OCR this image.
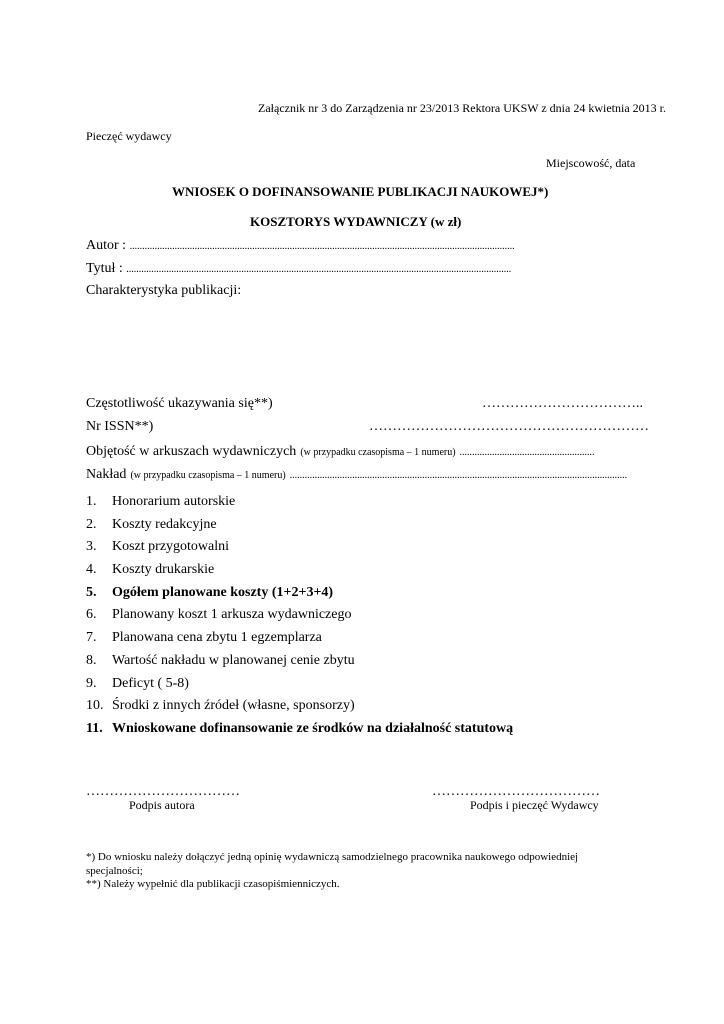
Załącznik nr 3 do Zarządzenia nr 23/2013 Rektora UKSW z dnia 24 kwietnia 2013 r.
Pieczęć wydawcy
Miejscowość, data
WNIOSEK O DOFINANSOWANIE PUBLIKACJI NAUKOWEJ*)
KOSZTORYS WYDAWNICZY (w zł)
Autor : ..........................................................................................................................................................
Tytuł : ..........................................................................................................................................................
Charakterystyka publikacji:
Częstotliwość ukazywania się**)	……………………………..
Nr ISSN**)	……………………………………………………
Objętość w arkuszach wydawniczych (w przypadku czasopisma – 1 numeru) ......................................................
Nakład (w przypadku czasopisma – 1 numeru) .......................................................................................................................................
1.	Honorarium autorskie
2.	Koszty redakcyjne
3.	Koszt przygotowalni
4.	Koszty drukarskie
5.	Ogółem planowane koszty (1+2+3+4)
6.	Planowany koszt 1 arkusza wydawniczego
7.	Planowana cena zbytu 1 egzemplarza
8.	Wartość nakładu w planowanej cenie zbytu
9.	Deficyt ( 5-8)
10. Środki z innych źródeł (własne, sponsorzy)
11. Wnioskowane dofinansowanie ze środków na działalność statutową
……………………………
Podpis autora
………………………………
Podpis i pieczęć Wydawcy
*) Do wniosku należy dołączyć jedną opinię wydawniczą samodzielnego pracownika naukowego odpowiedniej specjalności;
**) Należy wypełnić dla publikacji czasopiśmienniczych.
